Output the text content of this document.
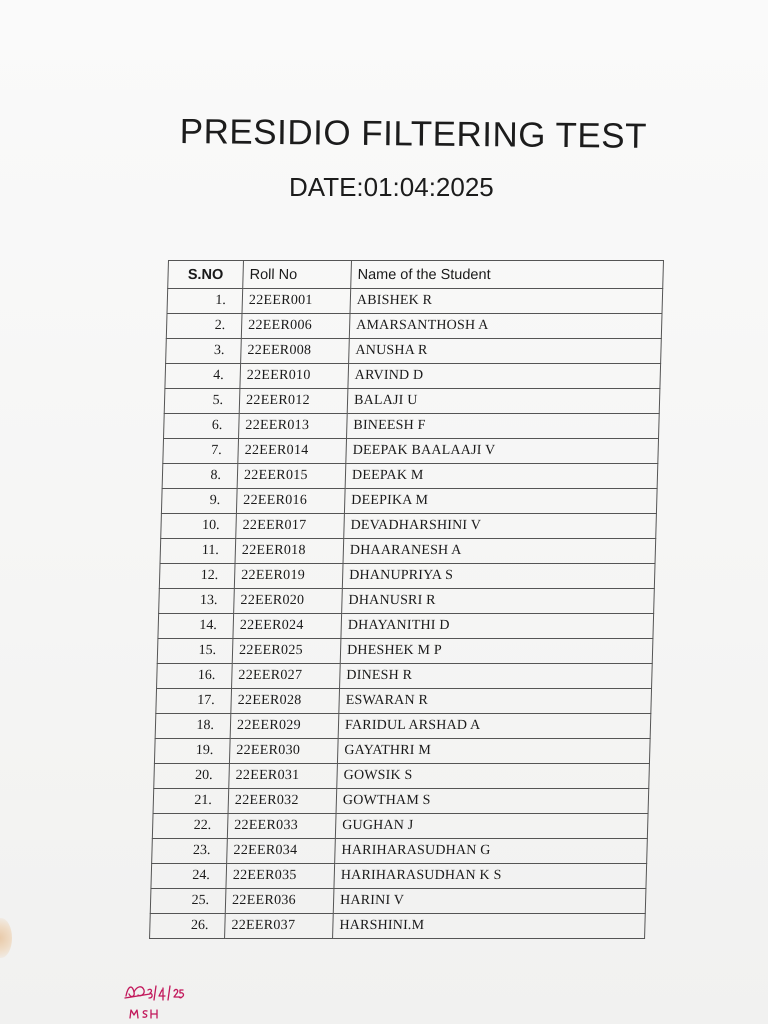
PRESIDIO FILTERING TEST
DATE:01:04:2025
S.NO	Roll No	Name of the Student
1.	22EER001	ABISHEK R
2.	22EER006	AMARSANTHOSH A
3.	22EER008	ANUSHA R
4.	22EER010	ARVIND D
5.	22EER012	BALAJI U
6.	22EER013	BINEESH F
7.	22EER014	DEEPAK BAALAAJI V
8.	22EER015	DEEPAK M
9.	22EER016	DEEPIKA M
10.	22EER017	DEVADHARSHINI V
11.	22EER018	DHAARANESH A
12.	22EER019	DHANUPRIYA S
13.	22EER020	DHANUSRI R
14.	22EER024	DHAYANITHI D
15.	22EER025	DHESHEK M P
16.	22EER027	DINESH R
17.	22EER028	ESWARAN R
18.	22EER029	FARIDUL ARSHAD A
19.	22EER030	GAYATHRI M
20.	22EER031	GOWSIK S
21.	22EER032	GOWTHAM S
22.	22EER033	GUGHAN J
23.	22EER034	HARIHARASUDHAN G
24.	22EER035	HARIHARASUDHAN K S
25.	22EER036	HARINI V
26.	22EER037	HARSHINI.M
